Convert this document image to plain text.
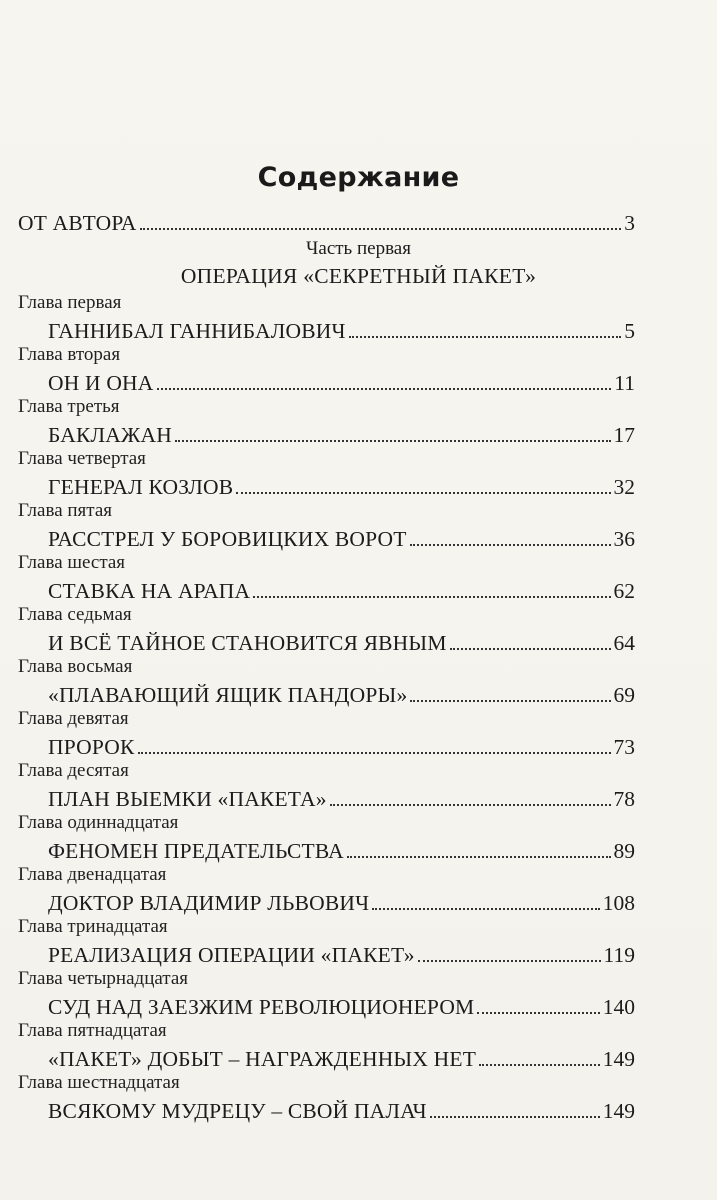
Содержание
ОТ АВТОРА	3
Часть первая
ОПЕРАЦИЯ «СЕКРЕТНЫЙ ПАКЕТ»
Глава первая
ГАННИБАЛ ГАННИБАЛОВИЧ	5
Глава вторая
ОН И ОНА	11
Глава третья
БАКЛАЖАН	17
Глава четвертая
ГЕНЕРАЛ КОЗЛОВ	32
Глава пятая
РАССТРЕЛ У БОРОВИЦКИХ ВОРОТ	36
Глава шестая
СТАВКА НА АРАПА	62
Глава седьмая
И ВСЁ ТАЙНОЕ СТАНОВИТСЯ ЯВНЫМ	64
Глава восьмая
«ПЛАВАЮЩИЙ ЯЩИК ПАНДОРЫ»	69
Глава девятая
ПРОРОК	73
Глава десятая
ПЛАН ВЫЕМКИ «ПАКЕТА»	78
Глава одиннадцатая
ФЕНОМЕН ПРЕДАТЕЛЬСТВА	89
Глава двенадцатая
ДОКТОР ВЛАДИМИР ЛЬВОВИЧ	108
Глава тринадцатая
РЕАЛИЗАЦИЯ ОПЕРАЦИИ «ПАКЕТ»	119
Глава четырнадцатая
СУД НАД ЗАЕЗЖИМ РЕВОЛЮЦИОНЕРОМ	140
Глава пятнадцатая
«ПАКЕТ» ДОБЫТ – НАГРАЖДЕННЫХ НЕТ	149
Глава шестнадцатая
ВСЯКОМУ МУДРЕЦУ – СВОЙ ПАЛАЧ	149
